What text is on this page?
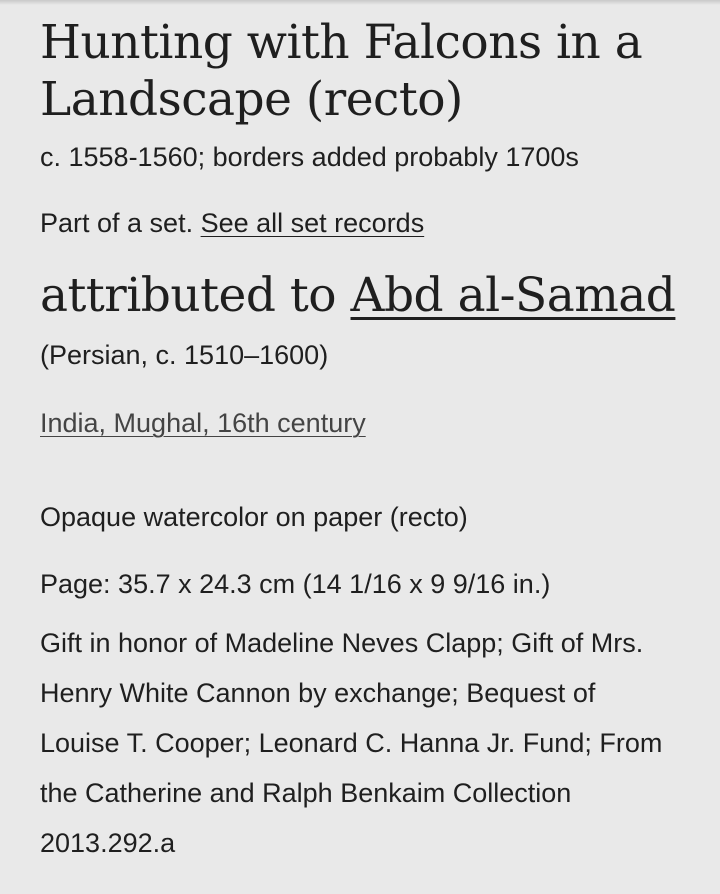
Hunting with Falcons in a Landscape (recto)
c. 1558-1560; borders added probably 1700s
Part of a set. See all set records
attributed to Abd al-Samad
(Persian, c. 1510–1600)
India, Mughal, 16th century
Opaque watercolor on paper (recto)
Page: 35.7 x 24.3 cm (14 1/16 x 9 9/16 in.)
Gift in honor of Madeline Neves Clapp; Gift of Mrs. Henry White Cannon by exchange; Bequest of Louise T. Cooper; Leonard C. Hanna Jr. Fund; From the Catherine and Ralph Benkaim Collection 2013.292.a
